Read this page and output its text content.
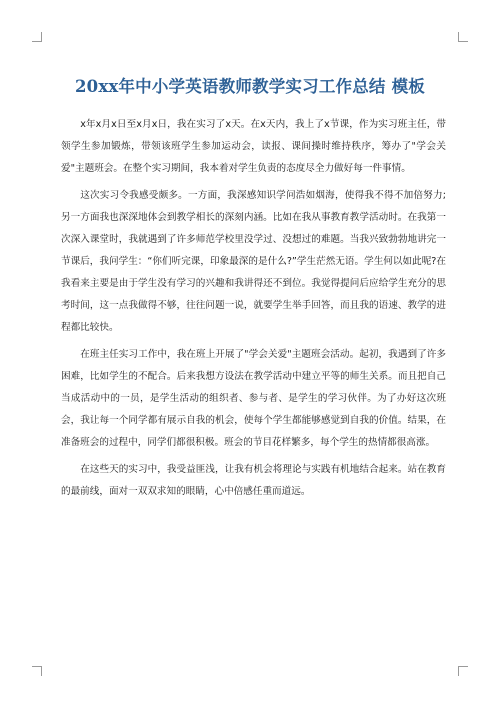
20xx年中小学英语教师教学实习工作总结 模板

x年x月x日至x月x日，我在实习了x天。在x天内，我上了x节课，作为实习班主任，带领学生参加锻炼，带领该班学生参加运动会，读报、课间操时维持秩序，筹办了"学会关爱"主题班会。在整个实习期间，我本着对学生负责的态度尽全力做好每一件事情。

这次实习令我感受颇多。一方面，我深感知识学问浩如烟海，使得我不得不加倍努力;另一方面我也深深地体会到教学相长的深刻内涵。比如在我从事教育教学活动时。在我第一次深入课堂时，我就遇到了许多师范学校里没学过、没想过的难题。当我兴致勃勃地讲完一节课后，我问学生：“你们听完课，印象最深的是什么?”学生茫然无语。学生何以如此呢?在我看来主要是由于学生没有学习的兴趣和我讲得还不到位。我觉得提问后应给学生充分的思考时间，这一点我做得不够，往往问题一说，就要学生举手回答，而且我的语速、教学的进程都比较快。

在班主任实习工作中，我在班上开展了"学会关爱"主题班会活动。起初，我遇到了许多困难，比如学生的不配合。后来我想方设法在教学活动中建立平等的师生关系。而且把自己当成活动中的一员，是学生活动的组织者、参与者、是学生的学习伙伴。为了办好这次班会，我让每一个同学都有展示自我的机会，使每个学生都能够感觉到自我的价值。结果，在准备班会的过程中，同学们都很积极。班会的节目花样繁多，每个学生的热情都很高涨。

在这些天的实习中，我受益匪浅，让我有机会将理论与实践有机地结合起来。站在教育的最前线，面对一双双求知的眼睛，心中倍感任重而道远。
